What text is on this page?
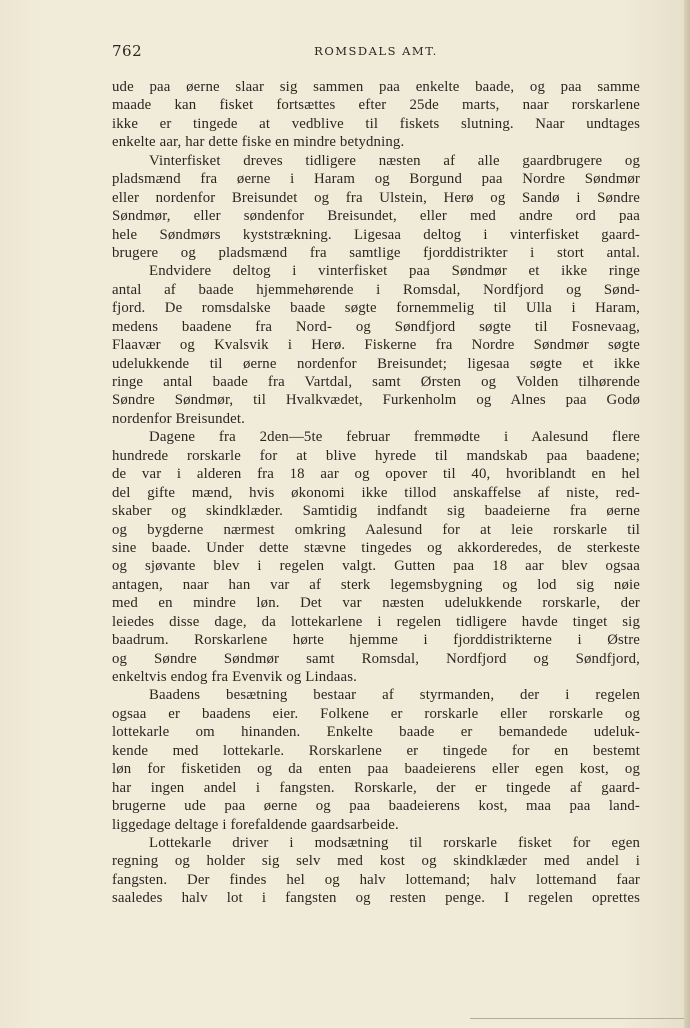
762	ROMSDALS AMT.
ude paa øerne slaar sig sammen paa enkelte baade, og paa samme
maade kan fisket fortsættes efter 25de marts, naar rorskarlene
ikke er tingede at vedblive til fiskets slutning. Naar undtages
enkelte aar, har dette fiske en mindre betydning.
Vinterfisket dreves tidligere næsten af alle gaardbrugere og
pladsmænd fra øerne i Haram og Borgund paa Nordre Søndmør
eller nordenfor Breisundet og fra Ulstein, Herø og Sandø i Søndre
Søndmør, eller søndenfor Breisundet, eller med andre ord paa
hele Søndmørs kyststrækning. Ligesaa deltog i vinterfisket gaard-
brugere og pladsmænd fra samtlige fjorddistrikter i stort antal.
Endvidere deltog i vinterfisket paa Søndmør et ikke ringe
antal af baade hjemmehørende i Romsdal, Nordfjord og Sønd-
fjord. De romsdalske baade søgte fornemmelig til Ulla i Haram,
medens baadene fra Nord- og Søndfjord søgte til Fosnevaag,
Flaavær og Kvalsvik i Herø. Fiskerne fra Nordre Søndmør søgte
udelukkende til øerne nordenfor Breisundet; ligesaa søgte et ikke
ringe antal baade fra Vartdal, samt Ørsten og Volden tilhørende
Søndre Søndmør, til Hvalkvædet, Furkenholm og Alnes paa Godø
nordenfor Breisundet.
Dagene fra 2den—5te februar fremmødte i Aalesund flere
hundrede rorskarle for at blive hyrede til mandskab paa baadene;
de var i alderen fra 18 aar og opover til 40, hvoriblandt en hel
del gifte mænd, hvis økonomi ikke tillod anskaffelse af niste, red-
skaber og skindklæder. Samtidig indfandt sig baadeierne fra øerne
og bygderne nærmest omkring Aalesund for at leie rorskarle til
sine baade. Under dette stævne tingedes og akkorderedes, de sterkeste
og sjøvante blev i regelen valgt. Gutten paa 18 aar blev ogsaa
antagen, naar han var af sterk legemsbygning og lod sig nøie
med en mindre løn. Det var næsten udelukkende rorskarle, der
leiedes disse dage, da lottekarlene i regelen tidligere havde tinget sig
baadrum. Rorskarlene hørte hjemme i fjorddistrikterne i Østre
og Søndre Søndmør samt Romsdal, Nordfjord og Søndfjord,
enkeltvis endog fra Evenvik og Lindaas.
Baadens besætning bestaar af styrmanden, der i regelen
ogsaa er baadens eier. Folkene er rorskarle eller rorskarle og
lottekarle om hinanden. Enkelte baade er bemandede udeluk-
kende med lottekarle. Rorskarlene er tingede for en bestemt
løn for fisketiden og da enten paa baadeierens eller egen kost, og
har ingen andel i fangsten. Rorskarle, der er tingede af gaard-
brugerne ude paa øerne og paa baadeierens kost, maa paa land-
liggedage deltage i forefaldende gaardsarbeide.
Lottekarle driver i modsætning til rorskarle fisket for egen
regning og holder sig selv med kost og skindklæder med andel i
fangsten. Der findes hel og halv lottemand; halv lottemand faar
saaledes halv lot i fangsten og resten penge. I regelen oprettes
